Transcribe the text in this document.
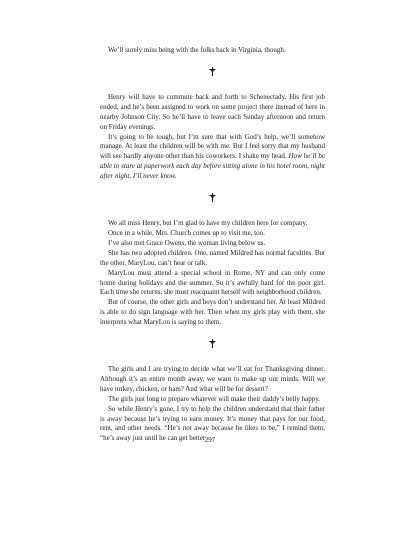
We’ll surely miss being with the folks back in Virginia, though.

Henry will have to commute back and forth to Schenectady. His first job ended, and he’s been assigned to work on some project there instead of here in nearby Johnson City. So he’ll have to leave each Sunday afternoon and return on Friday evenings.

It’s going to be tough, but I’m sure that with God’s help, we’ll somehow manage. At least the children will be with me. But I feel sorry that my husband will see hardly anyone other than his coworkers. I shake my head. How he’ll be able to stare at paperwork each day before sitting alone in his hotel room, night after night, I’ll never know.

We all miss Henry, but I’m glad to have my children here for company.

Once in a while, Mrs. Church comes up to visit me, too.

I’ve also met Grace Owens, the woman living below us.

She has two adopted children. One, named Mildred has normal faculties. But the other, MaryLou, can’t hear or talk.

MaryLou must attend a special school in Rome, NY and can only come home during holidays and the summer. So it’s awfully hard for the poor girl. Each time she returns, she must reacquaint herself with neighborhood children.

But of course, the other girls and boys don’t understand her. At least Mildred is able to do sign language with her. Then when my girls play with them, she interprets what MaryLou is saying to them.

The girls and I are trying to decide what we’ll eat for Thanksgiving dinner. Although it’s an entire month away, we want to make up our minds. Will we have turkey, chicken, or ham? And what will be for dessert?

The girls just long to prepare whatever will make their daddy’s belly happy.

So while Henry’s gone, I try to help the children understand that their father is away because he’s trying to earn money. It’s money that pays for our food, rent, and other needs. “He’s not away because he likes to be,” I remind them, “he’s away just until he can get better 297
